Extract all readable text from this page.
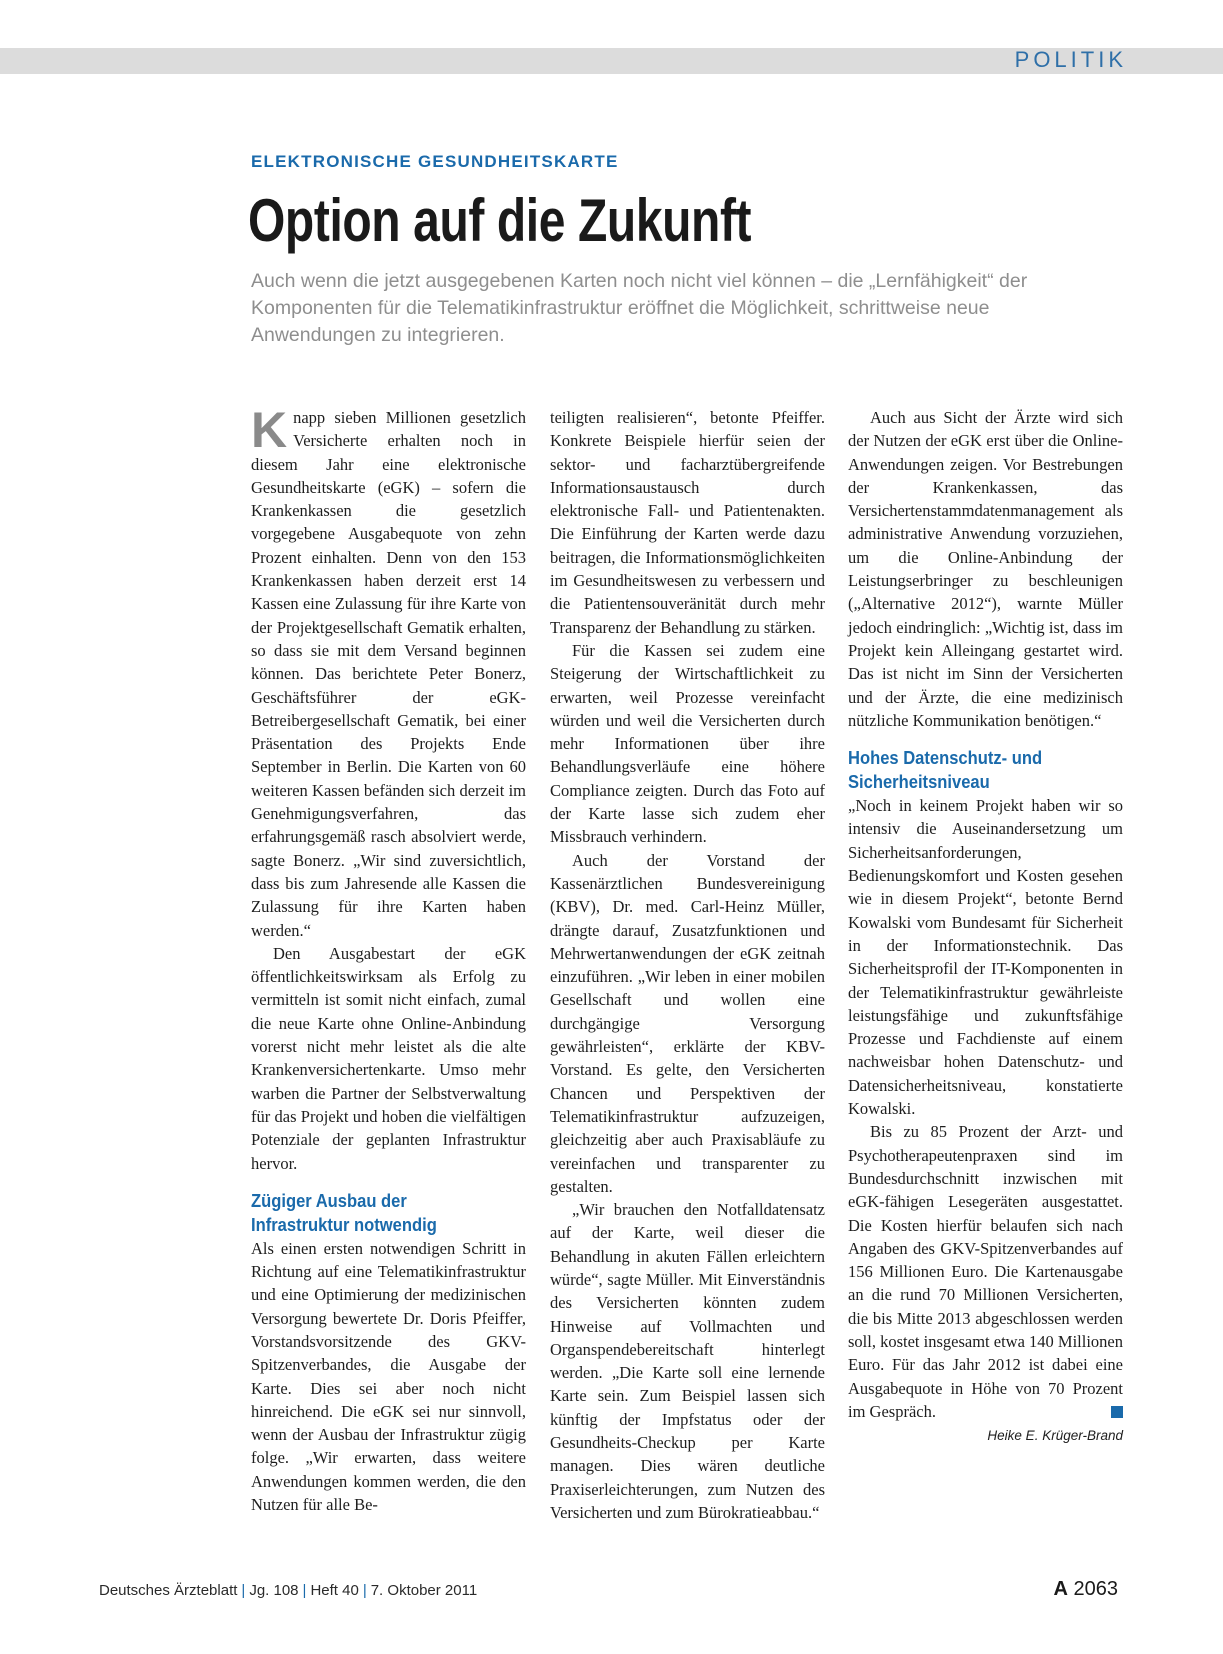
POLITIK
ELEKTRONISCHE GESUNDHEITSKARTE
Option auf die Zukunft
Auch wenn die jetzt ausgegebenen Karten noch nicht viel können – die „Lernfähigkeit“ der Komponenten für die Telematikinfrastruktur eröffnet die Möglichkeit, schrittweise neue Anwendungen zu integrieren.

Knapp sieben Millionen gesetzlich Versicherte erhalten noch in diesem Jahr eine elektronische Gesundheitskarte (eGK) – sofern die Krankenkassen die gesetzlich vorgegebene Ausgabequote von zehn Prozent einhalten. Denn von den 153 Krankenkassen haben derzeit erst 14 Kassen eine Zulassung für ihre Karte von der Projektgesellschaft Gematik erhalten, so dass sie mit dem Versand beginnen können. Das berichtete Peter Bonerz, Geschäftsführer der eGK-Betreibergesellschaft Gematik, bei einer Präsentation des Projekts Ende September in Berlin. Die Karten von 60 weiteren Kassen befänden sich derzeit im Genehmigungsverfahren, das erfahrungsgemäß rasch absolviert werde, sagte Bonerz. „Wir sind zuversichtlich, dass bis zum Jahresende alle Kassen die Zulassung für ihre Karten haben werden.“

Den Ausgabestart der eGK öffentlichkeitswirksam als Erfolg zu vermitteln ist somit nicht einfach, zumal die neue Karte ohne Online-Anbindung vorerst nicht mehr leistet als die alte Krankenversichertenkarte. Umso mehr warben die Partner der Selbstverwaltung für das Projekt und hoben die vielfältigen Potenziale der geplanten Infrastruktur hervor.

Zügiger Ausbau der Infrastruktur notwendig

Als einen ersten notwendigen Schritt in Richtung auf eine Telematikinfrastruktur und eine Optimierung der medizinischen Versorgung bewertete Dr. Doris Pfeiffer, Vorstandsvorsitzende des GKV-Spitzenverbandes, die Ausgabe der Karte. Dies sei aber noch nicht hinreichend. Die eGK sei nur sinnvoll, wenn der Ausbau der Infrastruktur zügig folge. „Wir erwarten, dass weitere Anwendungen kommen werden, die den Nutzen für alle Be-

teiligten realisieren“, betonte Pfeiffer. Konkrete Beispiele hierfür seien der sektor- und facharztübergreifende Informationsaustausch durch elektronische Fall- und Patientenakten. Die Einführung der Karten werde dazu beitragen, die Informationsmöglichkeiten im Gesundheitswesen zu verbessern und die Patientensouveränität durch mehr Transparenz der Behandlung zu stärken.

Für die Kassen sei zudem eine Steigerung der Wirtschaftlichkeit zu erwarten, weil Prozesse vereinfacht würden und weil die Versicherten durch mehr Informationen über ihre Behandlungsverläufe eine höhere Compliance zeigten. Durch das Foto auf der Karte lasse sich zudem eher Missbrauch verhindern.

Auch der Vorstand der Kassenärztlichen Bundesvereinigung (KBV), Dr. med. Carl-Heinz Müller, drängte darauf, Zusatzfunktionen und Mehrwertanwendungen der eGK zeitnah einzuführen. „Wir leben in einer mobilen Gesellschaft und wollen eine durchgängige Versorgung gewährleisten“, erklärte der KBV-Vorstand. Es gelte, den Versicherten Chancen und Perspektiven der Telematikinfrastruktur aufzuzeigen, gleichzeitig aber auch Praxisabläufe zu vereinfachen und transparenter zu gestalten.

„Wir brauchen den Notfalldatensatz auf der Karte, weil dieser die Behandlung in akuten Fällen erleichtern würde“, sagte Müller. Mit Einverständnis des Versicherten könnten zudem Hinweise auf Vollmachten und Organspendebereitschaft hinterlegt werden. „Die Karte soll eine lernende Karte sein. Zum Beispiel lassen sich künftig der Impfstatus oder der Gesundheits-Checkup per Karte managen. Dies wären deutliche Praxiserleichterungen, zum Nutzen des Versicherten und zum Bürokratieabbau.“

Auch aus Sicht der Ärzte wird sich der Nutzen der eGK erst über die Online-Anwendungen zeigen. Vor Bestrebungen der Krankenkassen, das Versichertenstammdatenmanagement als administrative Anwendung vorzuziehen, um die Online-Anbindung der Leistungserbringer zu beschleunigen („Alternative 2012“), warnte Müller jedoch eindringlich: „Wichtig ist, dass im Projekt kein Alleingang gestartet wird. Das ist nicht im Sinn der Versicherten und der Ärzte, die eine medizinisch nützliche Kommunikation benötigen.“

Hohes Datenschutz- und Sicherheitsniveau

„Noch in keinem Projekt haben wir so intensiv die Auseinandersetzung um Sicherheitsanforderungen, Bedienungskomfort und Kosten gesehen wie in diesem Projekt“, betonte Bernd Kowalski vom Bundesamt für Sicherheit in der Informationstechnik. Das Sicherheitsprofil der IT-Komponenten in der Telematikinfrastruktur gewährleiste leistungsfähige und zukunftsfähige Prozesse und Fachdienste auf einem nachweisbar hohen Datenschutz- und Datensicherheitsniveau, konstatierte Kowalski.

Bis zu 85 Prozent der Arzt- und Psychotherapeutenpraxen sind im Bundesdurchschnitt inzwischen mit eGK-fähigen Lesegeräten ausgestattet. Die Kosten hierfür belaufen sich nach Angaben des GKV-Spitzenverbandes auf 156 Millionen Euro. Die Kartenausgabe an die rund 70 Millionen Versicherten, die bis Mitte 2013 abgeschlossen werden soll, kostet insgesamt etwa 140 Millionen Euro. Für das Jahr 2012 ist dabei eine Ausgabequote in Höhe von 70 Prozent im Gespräch.

Heike E. Krüger-Brand
Deutsches Ärzteblatt | Jg. 108 | Heft 40 | 7. Oktober 2011	A 2063
